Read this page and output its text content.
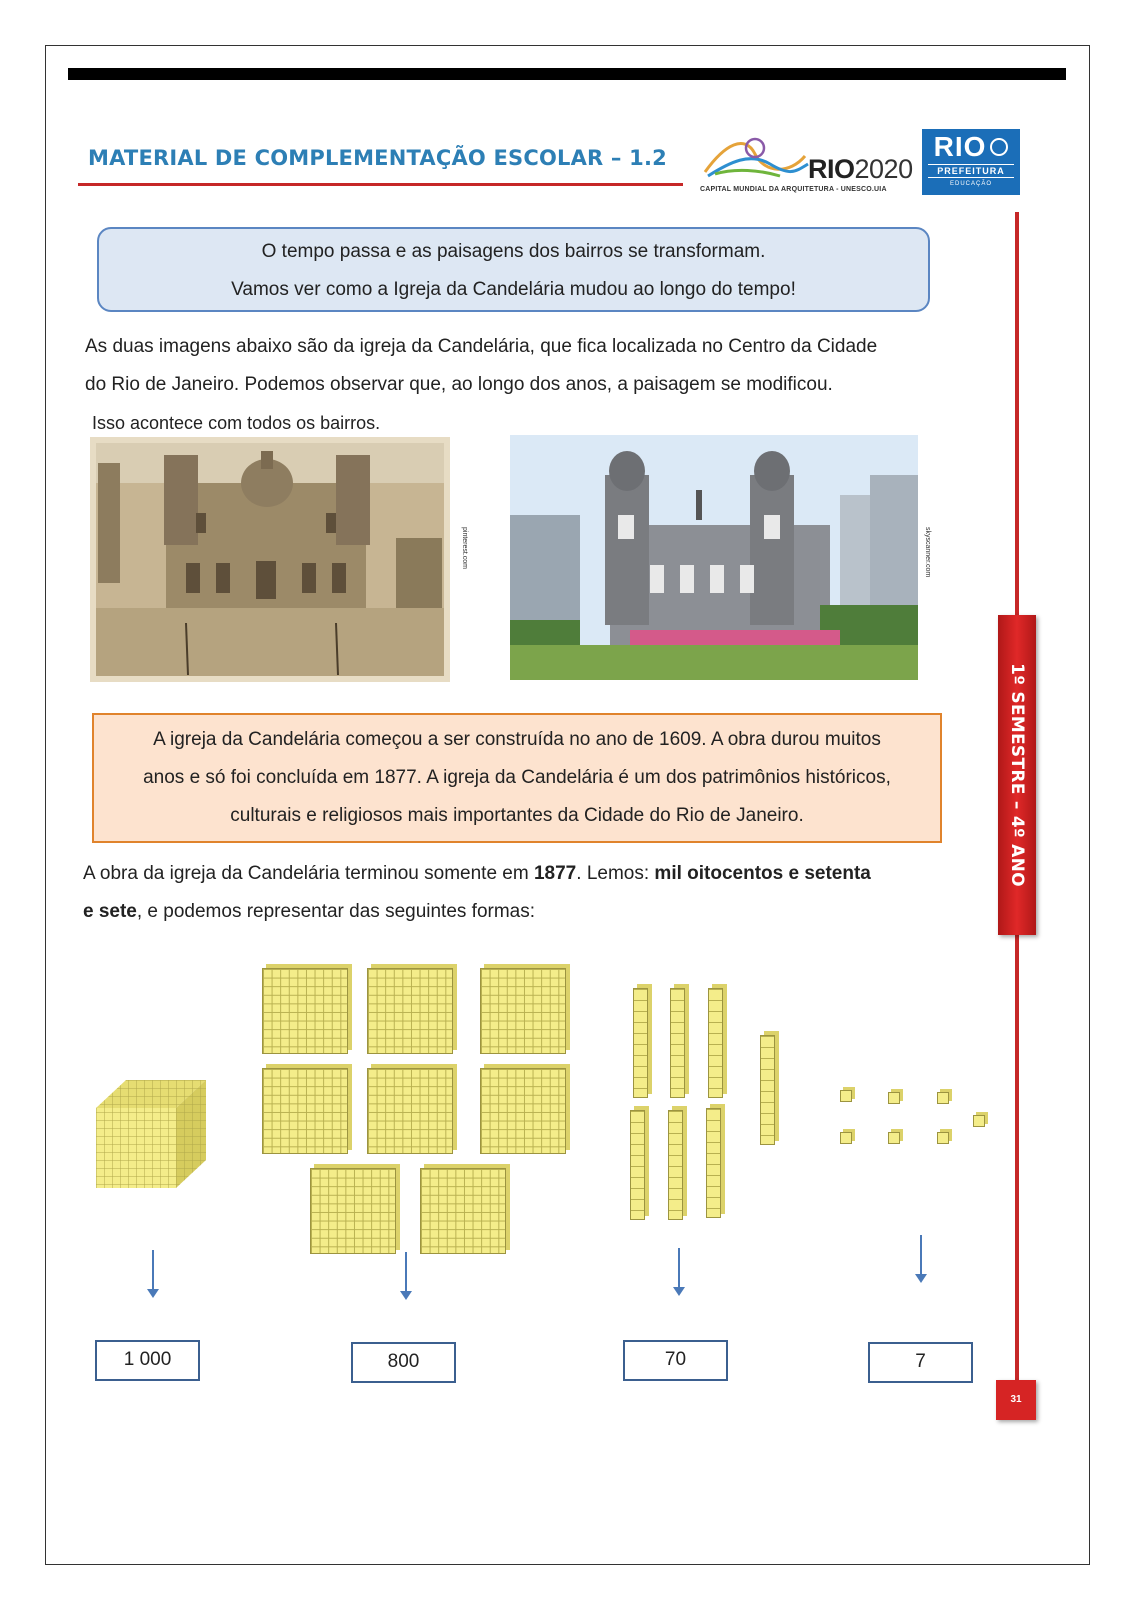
MATERIAL DE COMPLEMENTAÇÃO ESCOLAR – 1.2	RIO2020
CAPITAL MUNDIAL DA ARQUITETURA - UNESCO.UIA
RIO
PREFEITURA
EDUCAÇÃO
1º SEMESTRE – 4º ANO
31
O tempo passa e as paisagens dos bairros se transformam.
Vamos ver como a Igreja da Candelária mudou ao longo do tempo!
As duas imagens abaixo são da igreja da Candelária, que fica localizada no Centro da Cidade
do Rio de Janeiro. Podemos observar que, ao longo dos anos, a paisagem se modificou.
Isso acontece com todos os bairros.
pinterest.com	skyscanner.com
A igreja da Candelária começou a ser construída no ano de 1609. A obra durou muitos
anos e só foi concluída em 1877. A igreja da Candelária é um dos patrimônios históricos,
culturais e religiosos mais importantes da Cidade do Rio de Janeiro.
A obra da igreja da Candelária terminou somente em 1877. Lemos: mil oitocentos e setenta
e sete, e podemos representar das seguintes formas:
1 000	800	70	7
